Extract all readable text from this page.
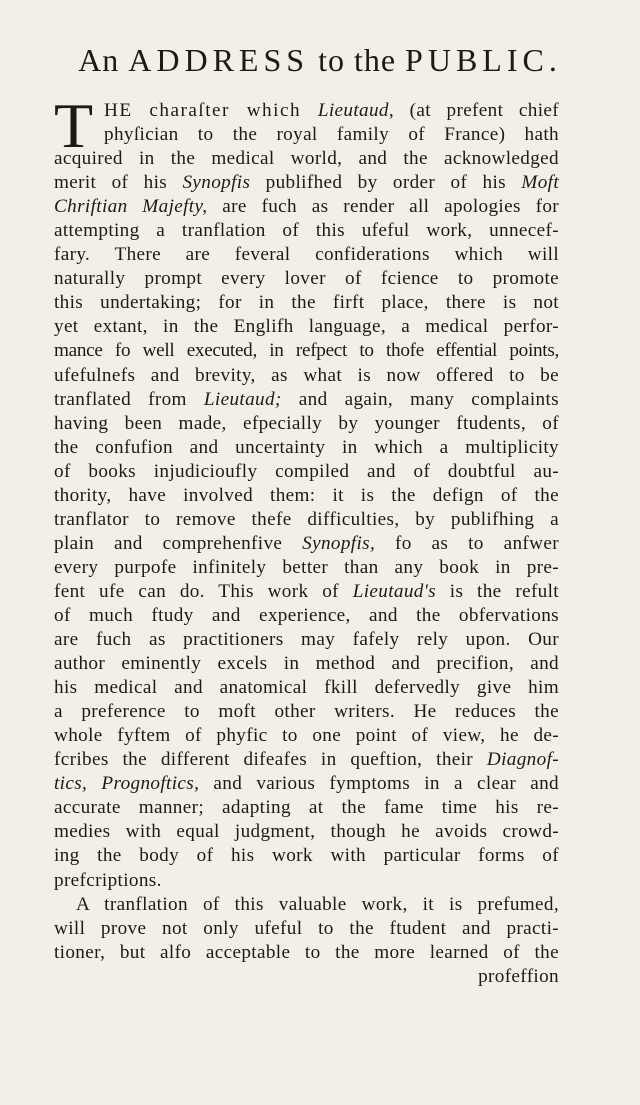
An ADDRESS to the PUBLIC.
T HE charaſter which Lieutaud, (at prefent chief
phyſician to the royal family of France) hath
acquired in the medical world, and the acknowledged
merit of his Synopfis publifhed by order of his Moft
Chriftian Majefty, are fuch as render all apologies for
attempting a tranflation of this ufeful work, unnecef-
fary. There are feveral confiderations which will
naturally prompt every lover of fcience to promote
this undertaking; for in the firft place, there is not
yet extant, in the Englifh language, a medical perfor-
mance fo well executed, in refpect to thofe effential points,
ufefulnefs and brevity, as what is now offered to be
tranflated from Lieutaud; and again, many complaints
having been made, efpecially by younger ftudents, of
the confufion and uncertainty in which a multiplicity
of books injudicioufly compiled and of doubtful au-
thority, have involved them: it is the defign of the
tranflator to remove thefe difficulties, by publifhing a
plain and comprehenfive Synopfis, fo as to anfwer
every purpofe infinitely better than any book in pre-
fent ufe can do. This work of Lieutaud's is the refult
of much ftudy and experience, and the obfervations
are fuch as practitioners may fafely rely upon. Our
author eminently excels in method and precifion, and
his medical and anatomical fkill defervedly give him
a preference to moft other writers. He reduces the
whole fyftem of phyfic to one point of view, he de-
fcribes the different difeafes in queftion, their Diagnof-
tics, Prognoftics, and various fymptoms in a clear and
accurate manner; adapting at the fame time his re-
medies with equal judgment, though he avoids crowd-
ing the body of his work with particular forms of
prefcriptions.
A tranflation of this valuable work, it is prefumed,
will prove not only ufeful to the ftudent and practi-
tioner, but alfo acceptable to the more learned of the
profeffion
